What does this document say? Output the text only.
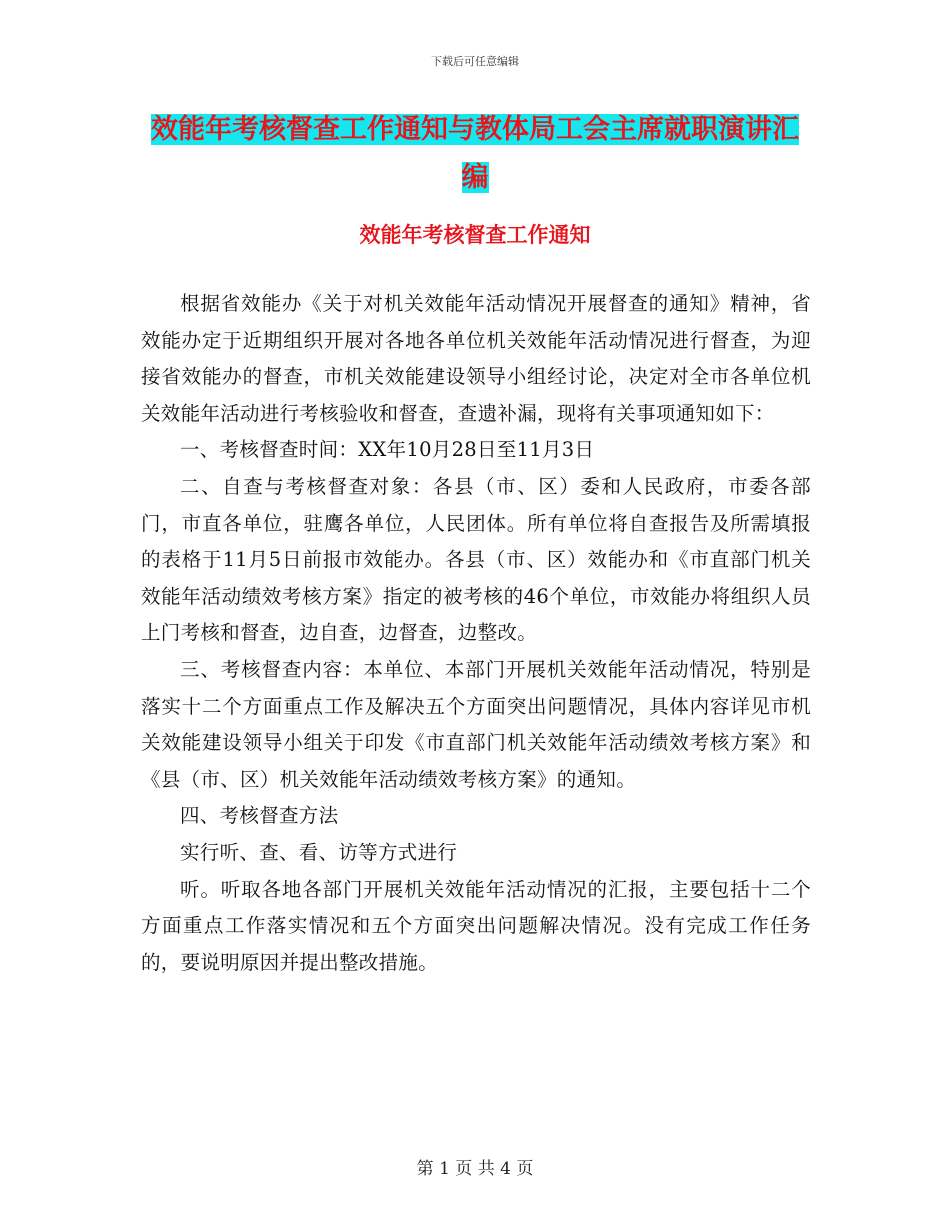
下载后可任意编辑
效能年考核督查工作通知与教体局工会主席就职演讲汇编
效能年考核督查工作通知

根据省效能办《关于对机关效能年活动情况开展督查的通知》精神，省效能办定于近期组织开展对各地各单位机关效能年活动情况进行督查，为迎接省效能办的督查，市机关效能建设领导小组经讨论，决定对全市各单位机关效能年活动进行考核验收和督查，查遗补漏，现将有关事项通知如下：

一、考核督查时间：XX年10月28日至11月3日

二、自查与考核督查对象：各县（市、区）委和人民政府，市委各部门，市直各单位，驻鹰各单位，人民团体。所有单位将自查报告及所需填报的表格于11月5日前报市效能办。各县（市、区）效能办和《市直部门机关效能年活动绩效考核方案》指定的被考核的46个单位，市效能办将组织人员上门考核和督查，边自查，边督查，边整改。

三、考核督查内容：本单位、本部门开展机关效能年活动情况，特别是落实十二个方面重点工作及解决五个方面突出问题情况，具体内容详见市机关效能建设领导小组关于印发《市直部门机关效能年活动绩效考核方案》和《县（市、区）机关效能年活动绩效考核方案》的通知。

四、考核督查方法

实行听、查、看、访等方式进行

听。听取各地各部门开展机关效能年活动情况的汇报，主要包括十二个方面重点工作落实情况和五个方面突出问题解决情况。没有完成工作任务的，要说明原因并提出整改措施。

第 1 页 共 4 页
